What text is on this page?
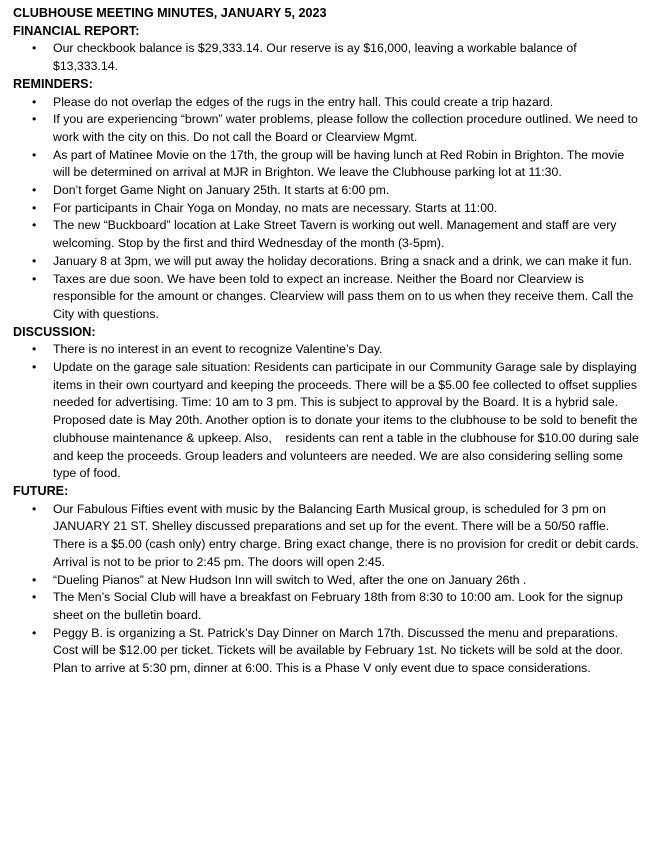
CLUBHOUSE MEETING MINUTES, JANUARY 5, 2023
FINANCIAL REPORT:
• Our checkbook balance is $29,333.14. Our reserve is ay $16,000, leaving a workable balance of $13,333.14.
REMINDERS:
• Please do not overlap the edges of the rugs in the entry hall. This could create a trip hazard.
• If you are experiencing “brown” water problems, please follow the collection procedure outlined. We need to work with the city on this. Do not call the Board or Clearview Mgmt.
• As part of Matinee Movie on the 17th, the group will be having lunch at Red Robin in Brighton. The movie will be determined on arrival at MJR in Brighton. We leave the Clubhouse parking lot at 11:30.
• Don’t forget Game Night on January 25th. It starts at 6:00 pm.
• For participants in Chair Yoga on Monday, no mats are necessary. Starts at 11:00.
• The new “Buckboard” location at Lake Street Tavern is working out well. Management and staff are very welcoming. Stop by the first and third Wednesday of the month (3-5pm).
• January 8 at 3pm, we will put away the holiday decorations. Bring a snack and a drink, we can make it fun.
• Taxes are due soon. We have been told to expect an increase. Neither the Board nor Clearview is responsible for the amount or changes. Clearview will pass them on to us when they receive them. Call the City with questions.
DISCUSSION:
• There is no interest in an event to recognize Valentine’s Day.
• Update on the garage sale situation: Residents can participate in our Community Garage sale by displaying items in their own courtyard and keeping the proceeds. There will be a $5.00 fee collected to offset supplies needed for advertising. Time: 10 am to 3 pm. This is subject to approval by the Board. It is a hybrid sale. Proposed date is May 20th. Another option is to donate your items to the clubhouse to be sold to benefit the clubhouse maintenance & upkeep. Also,    residents can rent a table in the clubhouse for $10.00 during sale and keep the proceeds. Group leaders and volunteers are needed. We are also considering selling some type of food.
FUTURE:
• Our Fabulous Fifties event with music by the Balancing Earth Musical group, is scheduled for 3 pm on JANUARY 21 ST. Shelley discussed preparations and set up for the event. There will be a 50/50 raffle. There is a $5.00 (cash only) entry charge. Bring exact change, there is no provision for credit or debit cards. Arrival is not to be prior to 2:45 pm. The doors will open 2:45.
• “Dueling Pianos” at New Hudson Inn will switch to Wed, after the one on January 26th .
• The Men’s Social Club will have a breakfast on February 18th from 8:30 to 10:00 am. Look for the signup sheet on the bulletin board.
• Peggy B. is organizing a St. Patrick’s Day Dinner on March 17th. Discussed the menu and preparations. Cost will be $12.00 per ticket. Tickets will be available by February 1st. No tickets will be sold at the door. Plan to arrive at 5:30 pm, dinner at 6:00. This is a Phase V only event due to space considerations.
